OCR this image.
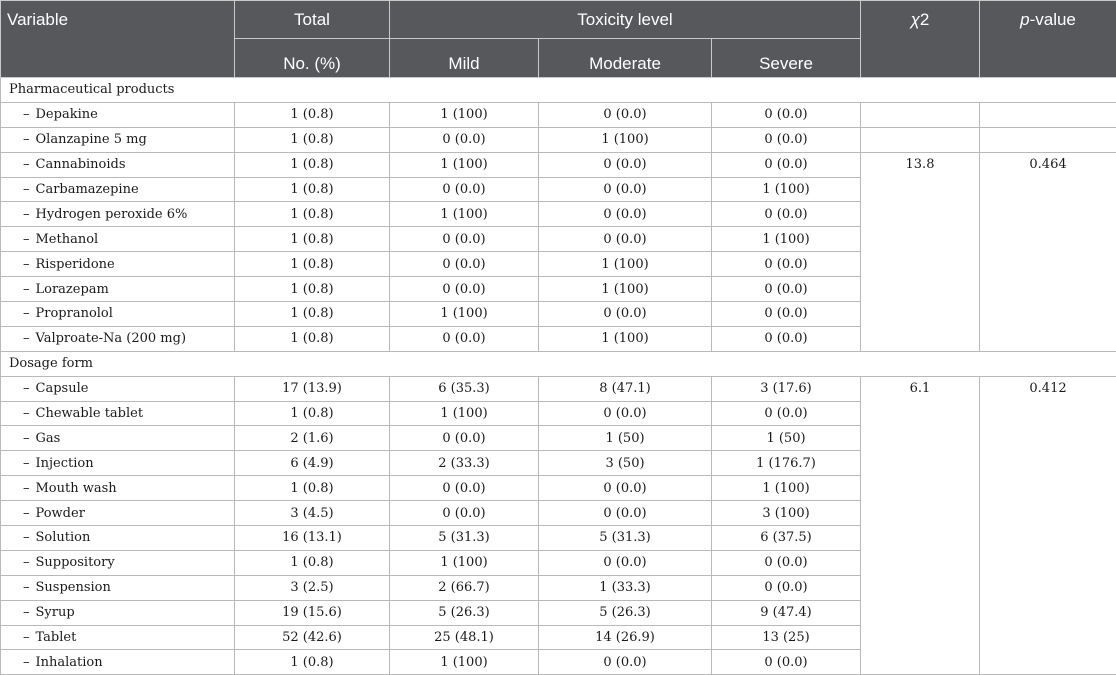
Variable	Total	Toxicity level			χ2	p-value
	No. (%)	Mild	Moderate	Severe		
Pharmaceutical products						
– Depakine	1 (0.8)	1 (100)	0 (0.0)	0 (0.0)		
– Olanzapine 5 mg	1 (0.8)	0 (0.0)	1 (100)	0 (0.0)		
– Cannabinoids	1 (0.8)	1 (100)	0 (0.0)	0 (0.0)	13.8	0.464
– Carbamazepine	1 (0.8)	0 (0.0)	0 (0.0)	1 (100)		
– Hydrogen peroxide 6%	1 (0.8)	1 (100)	0 (0.0)	0 (0.0)		
– Methanol	1 (0.8)	0 (0.0)	0 (0.0)	1 (100)		
– Risperidone	1 (0.8)	0 (0.0)	1 (100)	0 (0.0)		
– Lorazepam	1 (0.8)	0 (0.0)	1 (100)	0 (0.0)		
– Propranolol	1 (0.8)	1 (100)	0 (0.0)	0 (0.0)		
– Valproate-Na (200 mg)	1 (0.8)	0 (0.0)	1 (100)	0 (0.0)		
Dosage form						
– Capsule	17 (13.9)	6 (35.3)	8 (47.1)	3 (17.6)	6.1	0.412
– Chewable tablet	1 (0.8)	1 (100)	0 (0.0)	0 (0.0)		
– Gas	2 (1.6)	0 (0.0)	1 (50)	1 (50)		
– Injection	6 (4.9)	2 (33.3)	3 (50)	1 (176.7)		
– Mouth wash	1 (0.8)	0 (0.0)	0 (0.0)	1 (100)		
– Powder	3 (4.5)	0 (0.0)	0 (0.0)	3 (100)		
– Solution	16 (13.1)	5 (31.3)	5 (31.3)	6 (37.5)		
– Suppository	1 (0.8)	1 (100)	0 (0.0)	0 (0.0)		
– Suspension	3 (2.5)	2 (66.7)	1 (33.3)	0 (0.0)		
– Syrup	19 (15.6)	5 (26.3)	5 (26.3)	9 (47.4)		
– Tablet	52 (42.6)	25 (48.1)	14 (26.9)	13 (25)		
– Inhalation	1 (0.8)	1 (100)	0 (0.0)	0 (0.0)		
